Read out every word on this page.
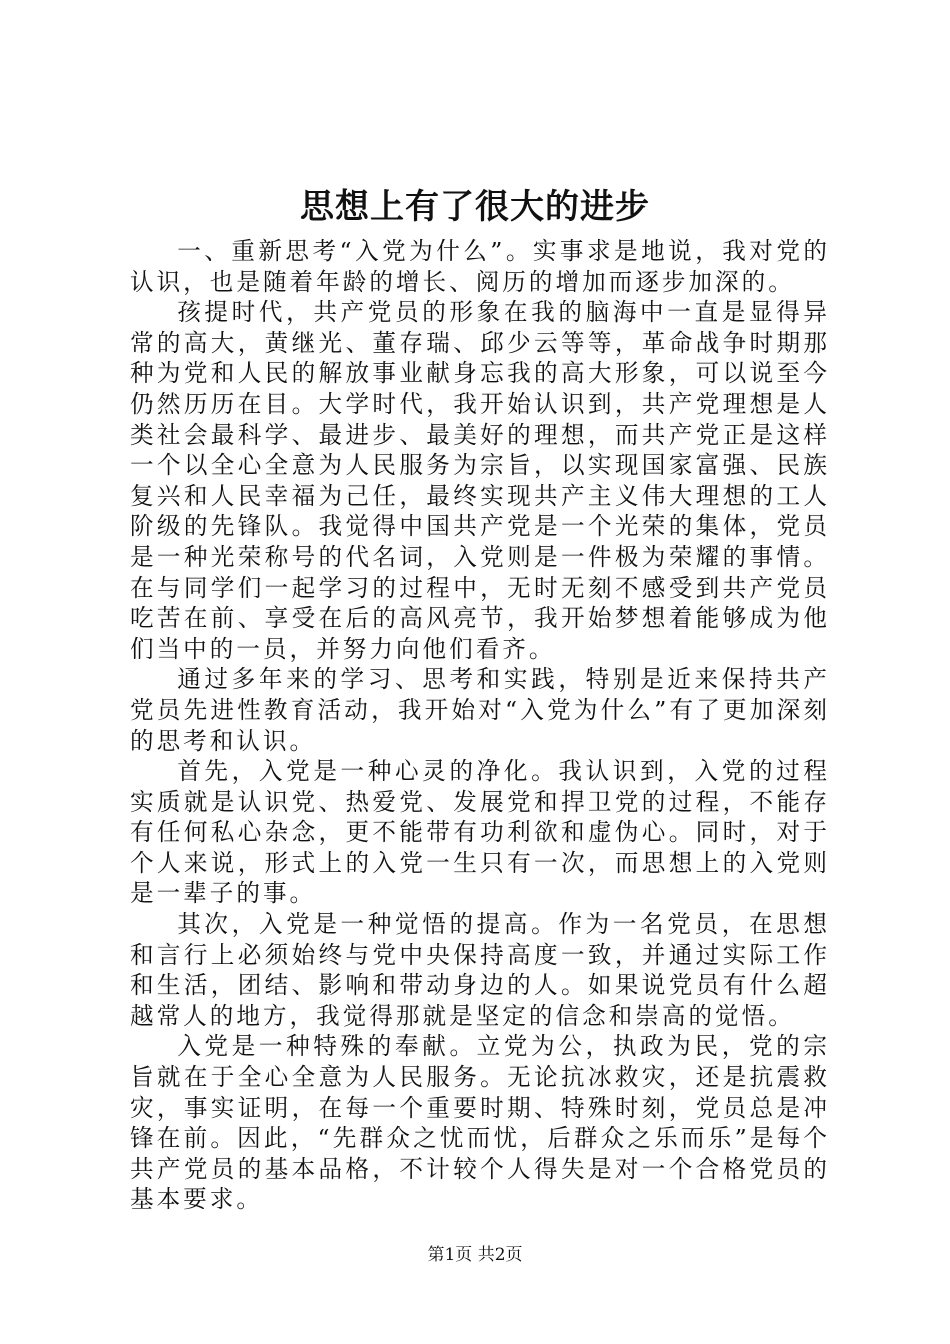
思想上有了很大的进步

一、重新思考“入党为什么”。实事求是地说，我对党的认识，也是随着年龄的增长、阅历的增加而逐步加深的。

孩提时代，共产党员的形象在我的脑海中一直是显得异常的高大，黄继光、董存瑞、邱少云等等，革命战争时期那种为党和人民的解放事业献身忘我的高大形象，可以说至今仍然历历在目。大学时代，我开始认识到，共产党理想是人类社会最科学、最进步、最美好的理想，而共产党正是这样一个以全心全意为人民服务为宗旨，以实现国家富强、民族复兴和人民幸福为己任，最终实现共产主义伟大理想的工人阶级的先锋队。我觉得中国共产党是一个光荣的集体，党员是一种光荣称号的代名词，入党则是一件极为荣耀的事情。在与同学们一起学习的过程中，无时无刻不感受到共产党员吃苦在前、享受在后的高风亮节，我开始梦想着能够成为他们当中的一员，并努力向他们看齐。

通过多年来的学习、思考和实践，特别是近来保持共产党员先进性教育活动，我开始对“入党为什么”有了更加深刻的思考和认识。

首先，入党是一种心灵的净化。我认识到，入党的过程实质就是认识党、热爱党、发展党和捍卫党的过程，不能存有任何私心杂念，更不能带有功利欲和虚伪心。同时，对于个人来说，形式上的入党一生只有一次，而思想上的入党则是一辈子的事。

其次，入党是一种觉悟的提高。作为一名党员，在思想和言行上必须始终与党中央保持高度一致，并通过实际工作和生活，团结、影响和带动身边的人。如果说党员有什么超越常人的地方，我觉得那就是坚定的信念和崇高的觉悟。

入党是一种特殊的奉献。立党为公，执政为民，党的宗旨就在于全心全意为人民服务。无论抗冰救灾，还是抗震救灾，事实证明，在每一个重要时期、特殊时刻，党员总是冲锋在前。因此，“先群众之忧而忧，后群众之乐而乐”是每个共产党员的基本品格，不计较个人得失是对一个合格党员的基本要求。

第1页 共2页
